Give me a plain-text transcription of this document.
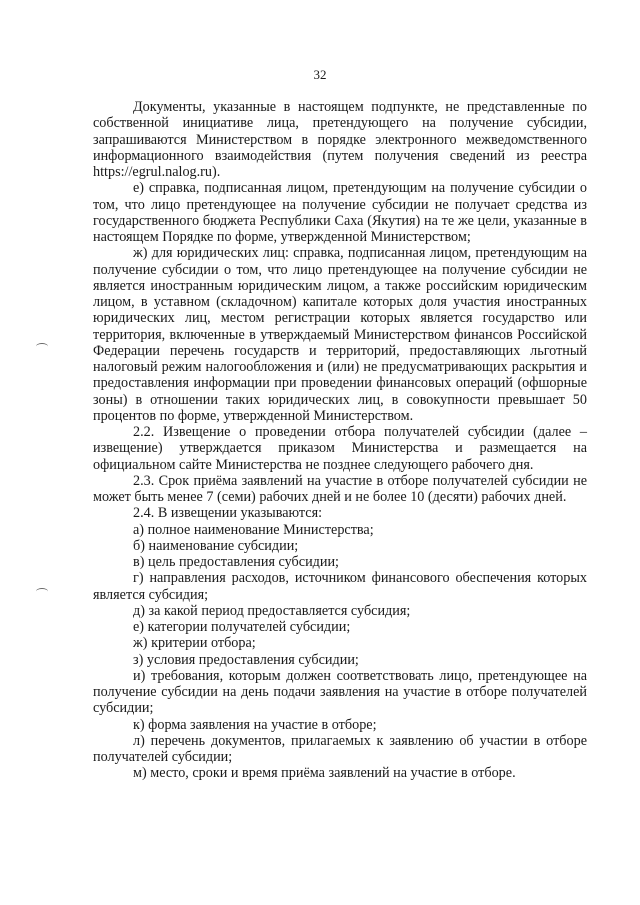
32

Документы, указанные в настоящем подпункте, не представленные по собственной инициативе лица, претендующего на получение субсидии, запрашиваются Министерством в порядке электронного межведомственного информационного взаимодействия (путем получения сведений из реестра https://egrul.nalog.ru).

е) справка, подписанная лицом, претендующим на получение субсидии о том, что лицо претендующее на получение субсидии не получает средства из государственного бюджета Республики Саха (Якутия) на те же цели, указанные в настоящем Порядке по форме, утвержденной Министерством;

ж) для юридических лиц: справка, подписанная лицом, претендующим на получение субсидии о том, что лицо претендующее на получение субсидии не является иностранным юридическим лицом, а также российским юридическим лицом, в уставном (складочном) капитале которых доля участия иностранных юридических лиц, местом регистрации которых является государство или территория, включенные в утверждаемый Министерством финансов Российской Федерации перечень государств и территорий, предоставляющих льготный налоговый режим налогообложения и (или) не предусматривающих раскрытия и предоставления информации при проведении финансовых операций (офшорные зоны) в отношении таких юридических лиц, в совокупности превышает 50 процентов по форме, утвержденной Министерством.

2.2. Извещение о проведении отбора получателей субсидии (далее – извещение) утверждается приказом Министерства и размещается на официальном сайте Министерства не позднее следующего рабочего дня.

2.3. Срок приёма заявлений на участие в отборе получателей субсидии не может быть менее 7 (семи) рабочих дней и не более 10 (десяти) рабочих дней.

2.4. В извещении указываются:

а) полное наименование Министерства;

б) наименование субсидии;

в) цель предоставления субсидии;

г) направления расходов, источником финансового обеспечения которых является субсидия;

д) за какой период предоставляется субсидия;

е) категории получателей субсидии;

ж) критерии отбора;

з) условия предоставления субсидии;

и) требования, которым должен соответствовать лицо, претендующее на получение субсидии на день подачи заявления на участие в отборе получателей субсидии;

к) форма заявления на участие в отборе;

л) перечень документов, прилагаемых к заявлению об участии в отборе получателей субсидии;

м) место, сроки и время приёма заявлений на участие в отборе.
